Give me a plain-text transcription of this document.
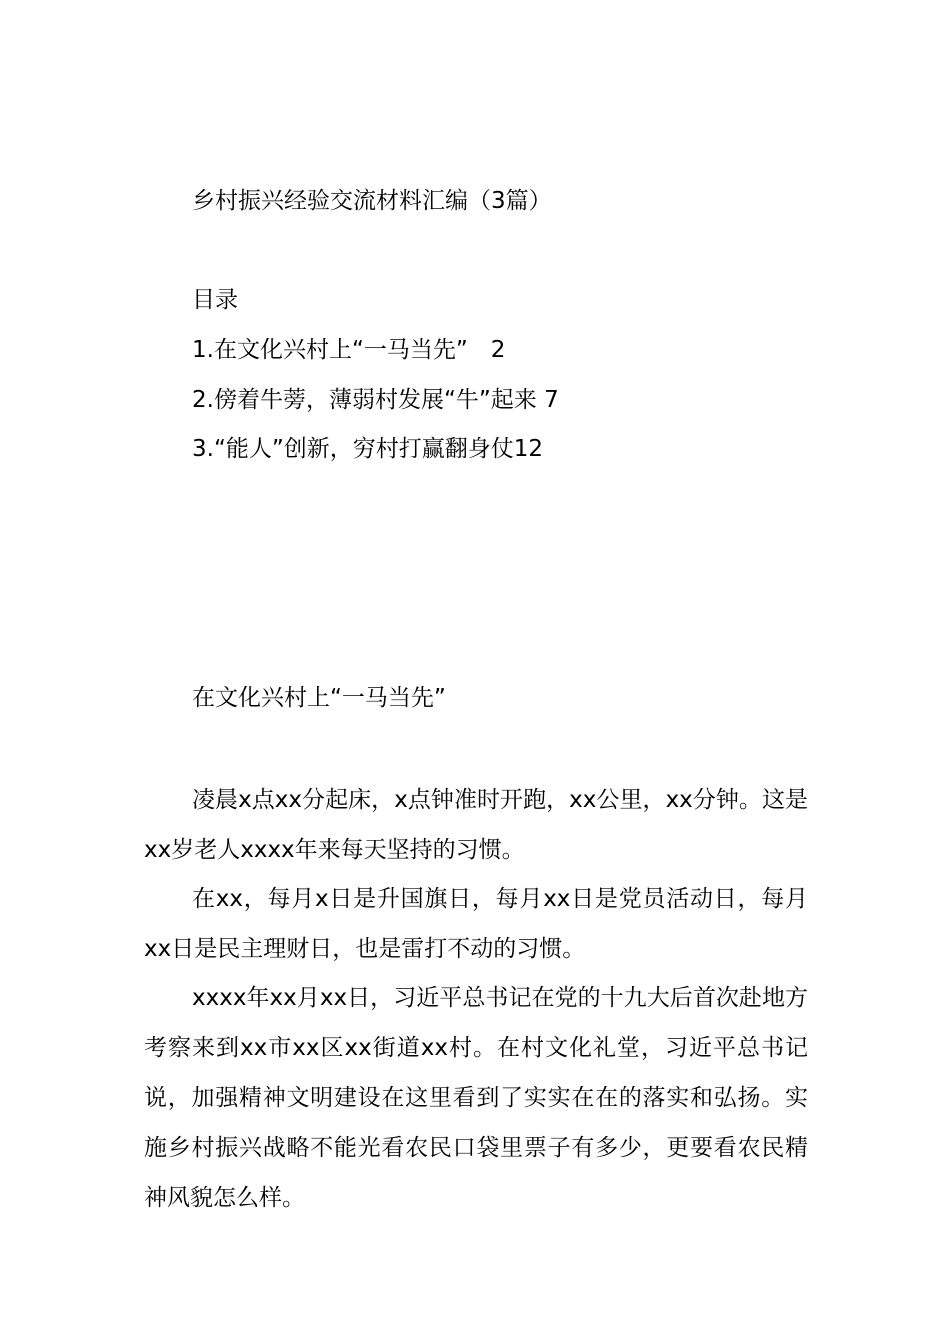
乡村振兴经验交流材料汇编（3篇）
目录
1.在文化兴村上“一马当先”　2
2.傍着牛蒡，薄弱村发展“牛”起来 7
3.“能人”创新，穷村打赢翻身仗12
在文化兴村上“一马当先”

凌晨x点xx分起床，x点钟准时开跑，xx公里，xx分钟。这是xx岁老人xxxx年来每天坚持的习惯。

在xx，每月x日是升国旗日，每月xx日是党员活动日，每月xx日是民主理财日，也是雷打不动的习惯。

xxxx年xx月xx日，习近平总书记在党的十九大后首次赴地方考察来到xx市xx区xx街道xx村。在村文化礼堂，习近平总书记说，加强精神文明建设在这里看到了实实在在的落实和弘扬。实施乡村振兴战略不能光看农民口袋里票子有多少，更要看农民精神风貌怎么样。
